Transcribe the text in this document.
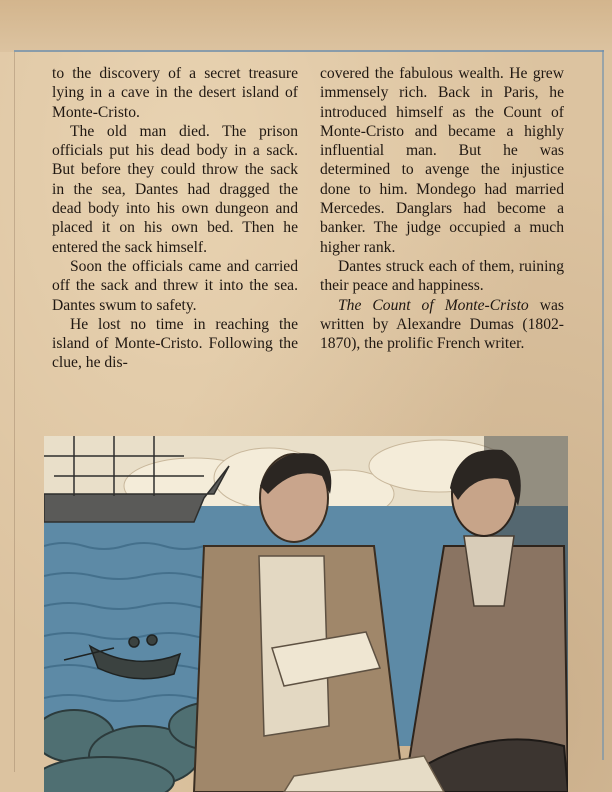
to the discovery of a secret treasure lying in a cave in the desert island of Monte-Cristo.

The old man died. The prison officials put his dead body in a sack. But before they could throw the sack in the sea, Dantes had dragged the dead body into his own dungeon and placed it on his own bed. Then he entered the sack himself.

Soon the officials came and carried off the sack and threw it into the sea. Dantes swum to safety.

He lost no time in reaching the island of Monte-Cristo. Following the clue, he dis-

covered the fabulous wealth. He grew immensely rich. Back in Paris, he introduced himself as the Count of Monte-Cristo and became a highly influential man. But he was determined to avenge the injustice done to him. Mondego had married Mercedes. Danglars had become a banker. The judge occupied a much higher rank.

Dantes struck each of them, ruining their peace and happiness.

The Count of Monte-Cristo was written by Alexandre Dumas (1802-1870), the prolific French writer.
